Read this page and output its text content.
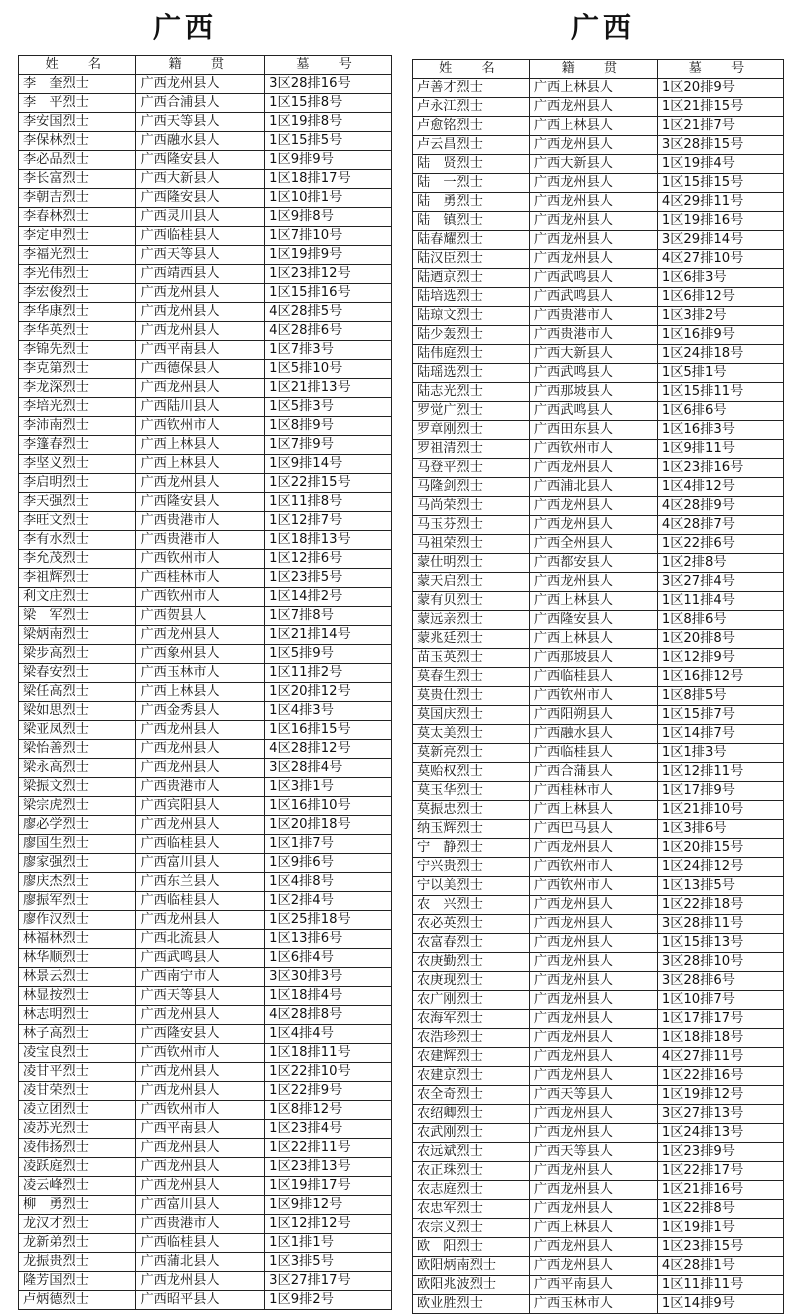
广西
姓　名	籍　贯	墓　号
李　奎烈士	广西龙州县人	3区28排16号
李　平烈士	广西合浦县人	1区15排8号
李安国烈士	广西天等县人	1区19排8号
李保林烈士	广西融水县人	1区15排5号
李必品烈士	广西隆安县人	1区9排9号
李长富烈士	广西大新县人	1区18排17号
李朝吉烈士	广西隆安县人	1区10排1号
李春林烈士	广西灵川县人	1区9排8号
李定申烈士	广西临桂县人	1区7排10号
李福光烈士	广西天等县人	1区19排9号
李光伟烈士	广西靖西县人	1区23排12号
李宏俊烈士	广西龙州县人	1区15排16号
李华康烈士	广西龙州县人	4区28排5号
李华英烈士	广西龙州县人	4区28排6号
李锦先烈士	广西平南县人	1区7排3号
李克第烈士	广西德保县人	1区5排10号
李龙深烈士	广西龙州县人	1区21排13号
李培光烈士	广西陆川县人	1区5排3号
李沛南烈士	广西钦州市人	1区8排9号
李篷春烈士	广西上林县人	1区7排9号
李坚义烈士	广西上林县人	1区9排14号
李启明烈士	广西龙州县人	1区22排15号
李天强烈士	广西隆安县人	1区11排8号
李旺文烈士	广西贵港市人	1区12排7号
李有水烈士	广西贵港市人	1区18排13号
李允茂烈士	广西钦州市人	1区12排6号
李祖辉烈士	广西桂林市人	1区23排5号
利文庄烈士	广西钦州市人	1区14排2号
梁　军烈士	广西贺县人	1区7排8号
梁炳南烈士	广西龙州县人	1区21排14号
梁步高烈士	广西象州县人	1区5排9号
梁春安烈士	广西玉林市人	1区11排2号
梁任高烈士	广西上林县人	1区20排12号
梁如思烈士	广西金秀县人	1区4排3号
梁亚凤烈士	广西龙州县人	1区16排15号
梁怡善烈士	广西龙州县人	4区28排12号
梁永高烈士	广西龙州县人	3区28排4号
梁振文烈士	广西贵港市人	1区3排1号
梁宗虎烈士	广西宾阳县人	1区16排10号
廖必学烈士	广西龙州县人	1区20排18号
廖国生烈士	广西临桂县人	1区1排7号
廖家强烈士	广西富川县人	1区9排6号
廖庆杰烈士	广西东兰县人	1区4排8号
廖振军烈士	广西临桂县人	1区2排4号
廖作汉烈士	广西龙州县人	1区25排18号
林福林烈士	广西北流县人	1区13排6号
林华顺烈士	广西武鸣县人	1区6排4号
林景云烈士	广西南宁市人	3区30排3号
林显按烈士	广西天等县人	1区18排4号
林志明烈士	广西龙州县人	4区28排8号
林子高烈士	广西隆安县人	1区4排4号
凌宝良烈士	广西钦州市人	1区18排11号
凌甘平烈士	广西龙州县人	1区22排10号
凌甘荣烈士	广西龙州县人	1区22排9号
凌立团烈士	广西钦州市人	1区8排12号
凌苏光烈士	广西平南县人	1区23排4号
凌伟扬烈士	广西龙州县人	1区22排11号
凌跃庭烈士	广西龙州县人	1区23排13号
凌云峰烈士	广西龙州县人	1区19排17号
柳　勇烈士	广西富川县人	1区9排12号
龙汉才烈士	广西贵港市人	1区12排12号
龙新弟烈士	广西临桂县人	1区1排1号
龙振贵烈士	广西蒲北县人	1区3排5号
隆芳国烈士	广西龙州县人	3区27排17号
卢炳德烈士	广西昭平县人	1区9排2号
广西
姓　名	籍　贯	墓　号
卢善才烈士	广西上林县人	1区20排9号
卢永江烈士	广西龙州县人	1区21排15号
卢愈铭烈士	广西上林县人	1区21排7号
卢云昌烈士	广西龙州县人	3区28排15号
陆　贤烈士	广西大新县人	1区19排4号
陆　一烈士	广西龙州县人	1区15排15号
陆　勇烈士	广西龙州县人	4区29排11号
陆　镇烈士	广西龙州县人	1区19排16号
陆春耀烈士	广西龙州县人	3区29排14号
陆汉臣烈士	广西龙州县人	4区27排10号
陆迺京烈士	广西武鸣县人	1区6排3号
陆培选烈士	广西武鸣县人	1区6排12号
陆琼文烈士	广西贵港市人	1区3排2号
陆少轰烈士	广西贵港市人	1区16排9号
陆伟庭烈士	广西大新县人	1区24排18号
陆瑶选烈士	广西武鸣县人	1区5排1号
陆志光烈士	广西那坡县人	1区15排11号
罗觉广烈士	广西武鸣县人	1区6排6号
罗章刚烈士	广西田东县人	1区16排3号
罗祖清烈士	广西钦州市人	1区9排11号
马登平烈士	广西龙州县人	1区23排16号
马隆剑烈士	广西浦北县人	1区4排12号
马尚荣烈士	广西龙州县人	4区28排9号
马玉芬烈士	广西龙州县人	4区28排7号
马祖荣烈士	广西全州县人	1区22排6号
蒙仕明烈士	广西都安县人	1区2排8号
蒙天启烈士	广西龙州县人	3区27排4号
蒙有贝烈士	广西上林县人	1区11排4号
蒙远亲烈士	广西隆安县人	1区8排6号
蒙兆廷烈士	广西上林县人	1区20排8号
苗玉英烈士	广西那坡县人	1区12排9号
莫春生烈士	广西临桂县人	1区16排12号
莫贵仕烈士	广西钦州市人	1区8排5号
莫国庆烈士	广西阳朔县人	1区15排7号
莫太美烈士	广西融水县人	1区14排7号
莫新亮烈士	广西临桂县人	1区1排3号
莫贻权烈士	广西合蒲县人	1区12排11号
莫玉华烈士	广西桂林市人	1区17排9号
莫振忠烈士	广西上林县人	1区21排10号
纳玉辉烈士	广西巴马县人	1区3排6号
宁　静烈士	广西龙州县人	1区20排15号
宁兴贵烈士	广西钦州市人	1区24排12号
宁以美烈士	广西钦州市人	1区13排5号
农　兴烈士	广西龙州县人	1区22排18号
农必英烈士	广西龙州县人	3区28排11号
农富春烈士	广西龙州县人	1区15排13号
农庚勤烈士	广西龙州县人	3区28排10号
农庚现烈士	广西龙州县人	3区28排6号
农广刚烈士	广西龙州县人	1区10排7号
农海军烈士	广西龙州县人	1区17排17号
农浩珍烈士	广西龙州县人	1区18排18号
农建辉烈士	广西龙州县人	4区27排11号
农建京烈士	广西龙州县人	1区22排16号
农全奇烈士	广西天等县人	1区19排12号
农绍卿烈士	广西龙州县人	3区27排13号
农武刚烈士	广西龙州县人	1区24排13号
农远斌烈士	广西天等县人	1区23排9号
农正珠烈士	广西龙州县人	1区22排17号
农志庭烈士	广西龙州县人	1区21排16号
农忠军烈士	广西龙州县人	1区22排8号
农宗义烈士	广西上林县人	1区19排1号
欧　阳烈士	广西龙州县人	1区23排15号
欧阳炳南烈士	广西龙州县人	4区28排1号
欧阳兆波烈士	广西平南县人	1区11排11号
欧业胜烈士	广西玉林市人	1区14排9号
